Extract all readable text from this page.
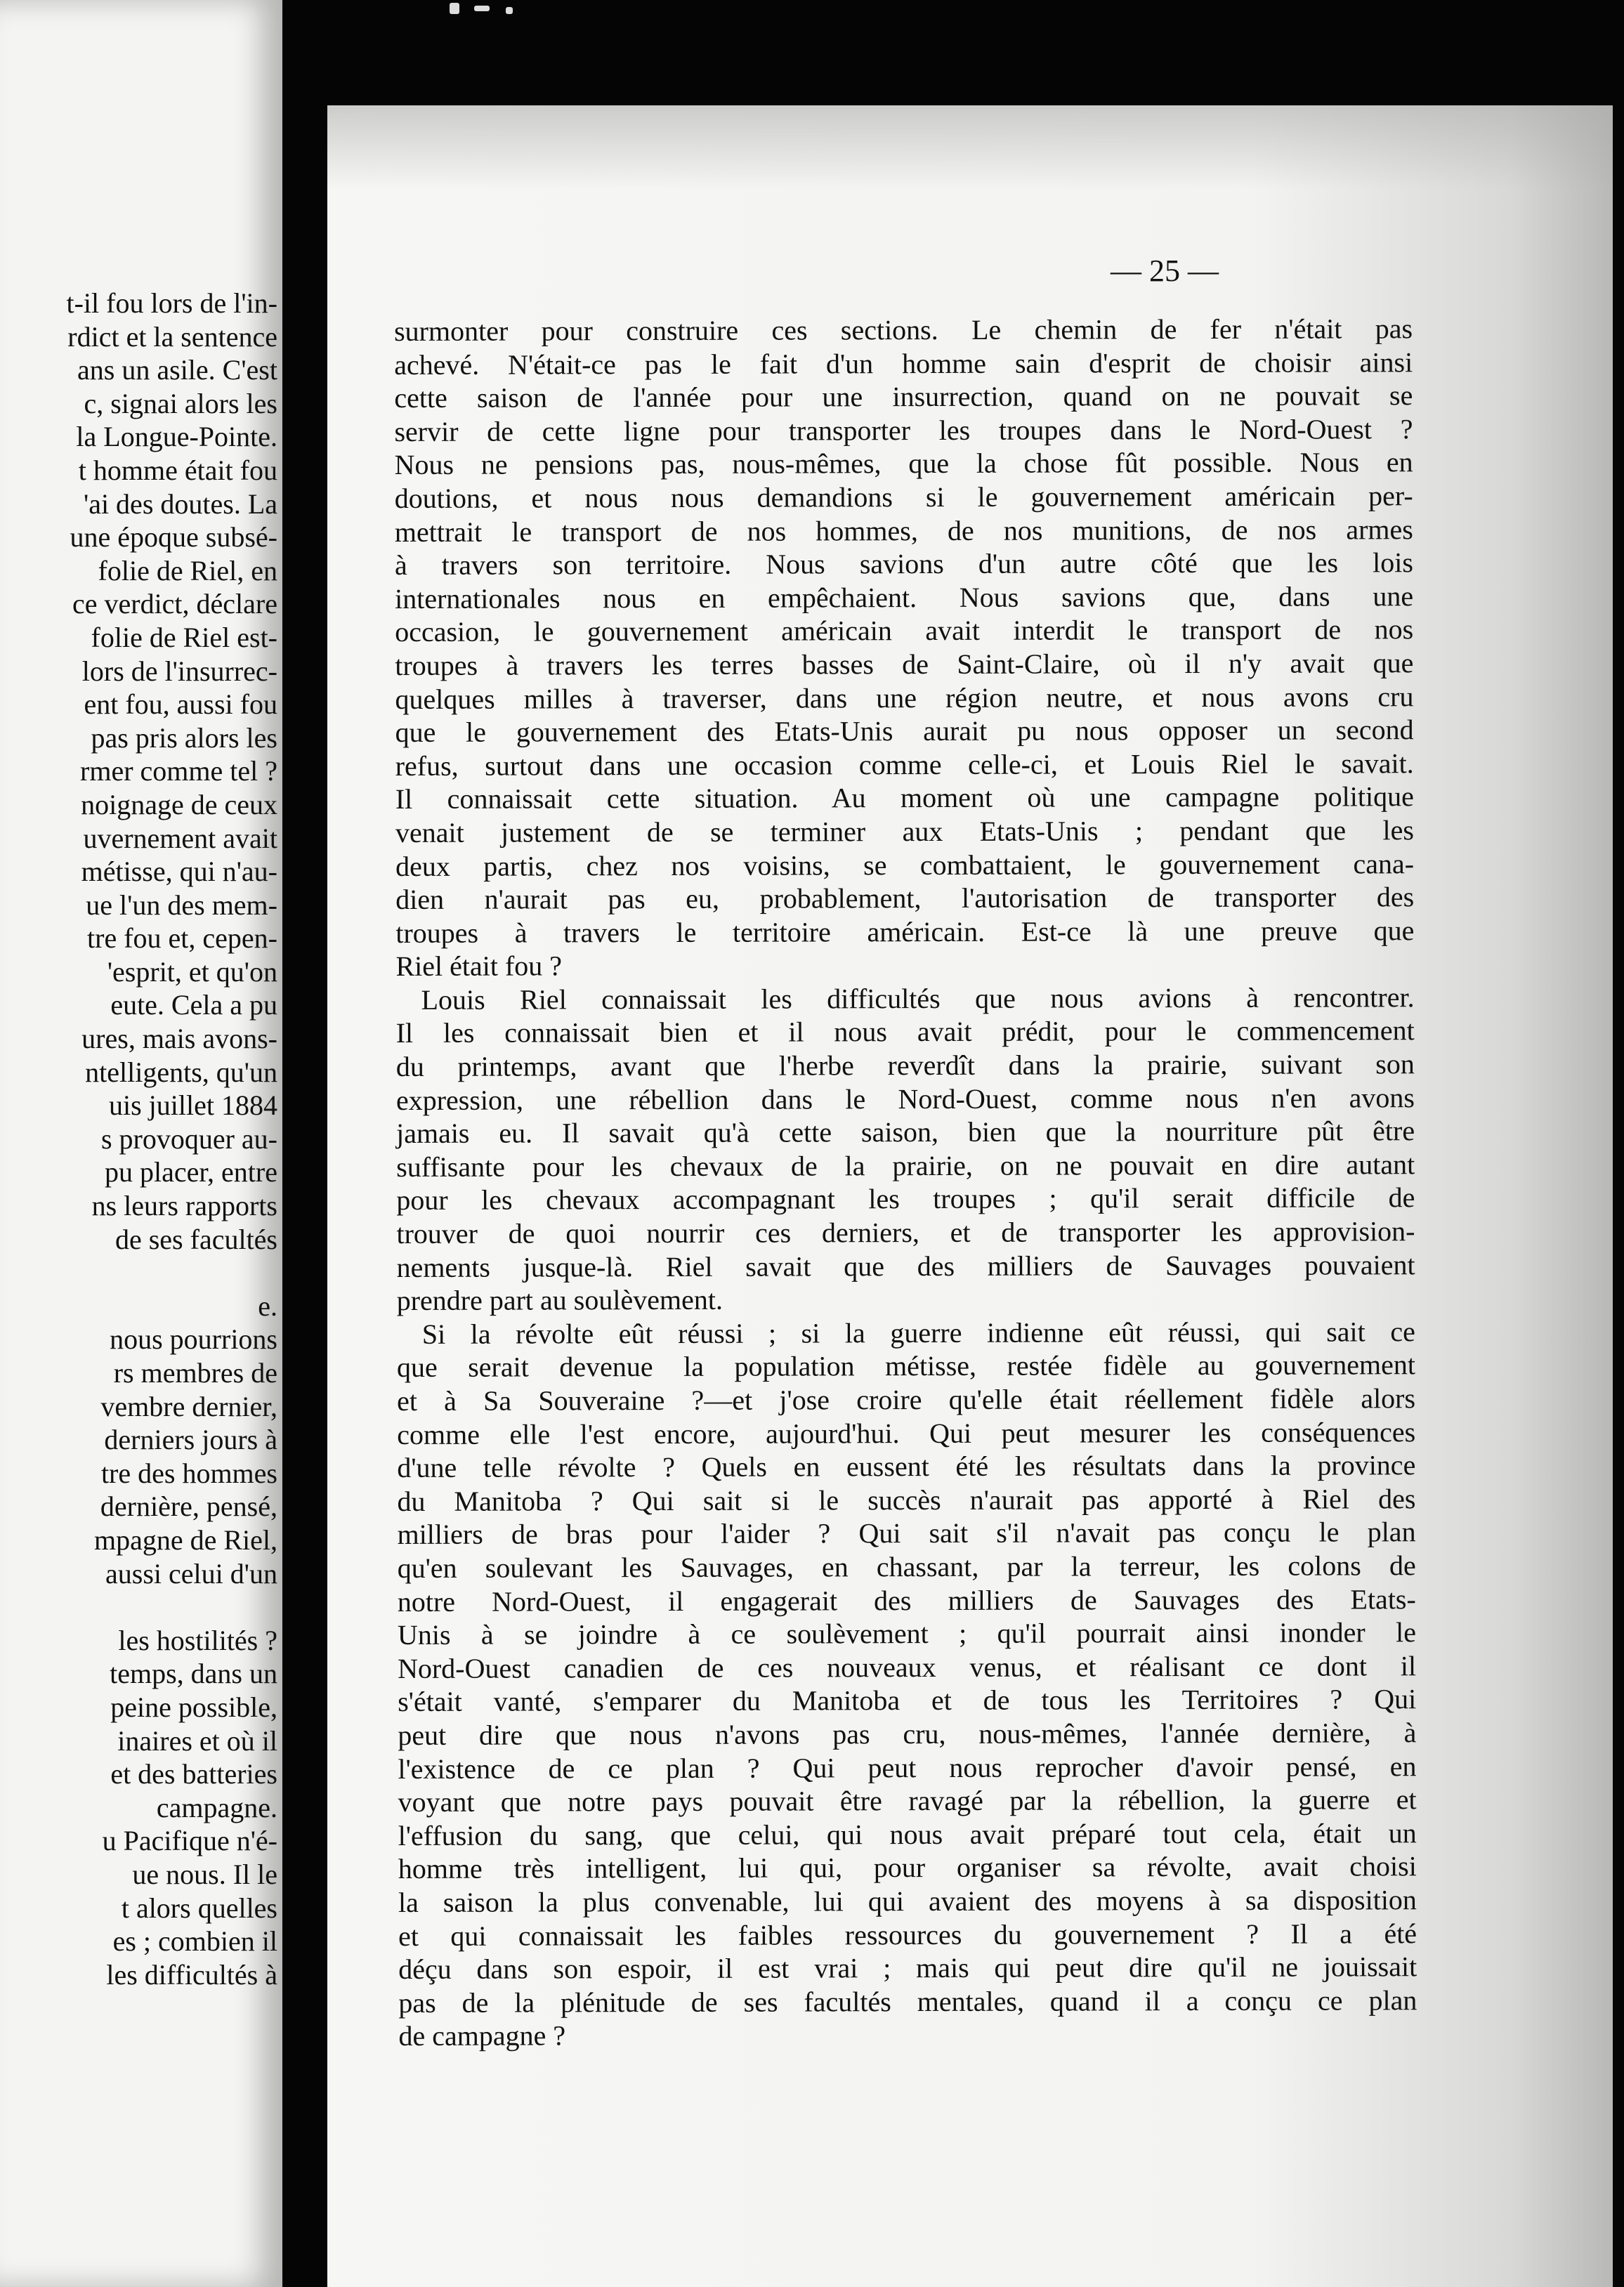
t-il fou lors de l'in-
rdict et la sentence
ans un asile. C'est
c, signai alors les
la Longue-Pointe.
t homme était fou
'ai des doutes. La
une époque subsé-
folie de Riel, en
ce verdict, déclare
folie de Riel est-
lors de l'insurrec-
ent fou, aussi fou
pas pris alors les
rmer comme tel ?
noignage de ceux
uvernement avait
métisse, qui n'au-
ue l'un des mem-
tre fou et, cepen-
'esprit, et qu'on
eute. Cela a pu
ures, mais avons-
ntelligents, qu'un
uis juillet 1884
s provoquer au-
pu placer, entre
ns leurs rapports
de ses facultés
e.
nous pourrions
rs membres de
vembre dernier,
derniers jours à
tre des hommes
dernière, pensé,
mpagne de Riel,
aussi celui d'un
les hostilités ?
temps, dans un
peine possible,
inaires et où il
et des batteries
campagne.
u Pacifique n'é-
ue nous. Il le
t alors quelles
es ; combien il
les difficultés à
— 25 —
surmonter pour construire ces sections. Le chemin de fer n'était pas
achevé. N'était-ce pas le fait d'un homme sain d'esprit de choisir ainsi
cette saison de l'année pour une insurrection, quand on ne pouvait se
servir de cette ligne pour transporter les troupes dans le Nord-Ouest ?
Nous ne pensions pas, nous-mêmes, que la chose fût possible. Nous en
doutions, et nous nous demandions si le gouvernement américain per-
mettrait le transport de nos hommes, de nos munitions, de nos armes
à travers son territoire. Nous savions d'un autre côté que les lois
internationales nous en empêchaient. Nous savions que, dans une
occasion, le gouvernement américain avait interdit le transport de nos
troupes à travers les terres basses de Saint-Claire, où il n'y avait que
quelques milles à traverser, dans une région neutre, et nous avons cru
que le gouvernement des Etats-Unis aurait pu nous opposer un second
refus, surtout dans une occasion comme celle-ci, et Louis Riel le savait.
Il connaissait cette situation. Au moment où une campagne politique
venait justement de se terminer aux Etats-Unis ; pendant que les
deux partis, chez nos voisins, se combattaient, le gouvernement cana-
dien n'aurait pas eu, probablement, l'autorisation de transporter des
troupes à travers le territoire américain. Est-ce là une preuve que
Riel était fou ?
Louis Riel connaissait les difficultés que nous avions à rencontrer.
Il les connaissait bien et il nous avait prédit, pour le commencement
du printemps, avant que l'herbe reverdît dans la prairie, suivant son
expression, une rébellion dans le Nord-Ouest, comme nous n'en avons
jamais eu. Il savait qu'à cette saison, bien que la nourriture pût être
suffisante pour les chevaux de la prairie, on ne pouvait en dire autant
pour les chevaux accompagnant les troupes ; qu'il serait difficile de
trouver de quoi nourrir ces derniers, et de transporter les approvision-
nements jusque-là. Riel savait que des milliers de Sauvages pouvaient
prendre part au soulèvement.
Si la révolte eût réussi ; si la guerre indienne eût réussi, qui sait ce
que serait devenue la population métisse, restée fidèle au gouvernement
et à Sa Souveraine ?—et j'ose croire qu'elle était réellement fidèle alors
comme elle l'est encore, aujourd'hui. Qui peut mesurer les conséquences
d'une telle révolte ? Quels en eussent été les résultats dans la province
du Manitoba ? Qui sait si le succès n'aurait pas apporté à Riel des
milliers de bras pour l'aider ? Qui sait s'il n'avait pas conçu le plan
qu'en soulevant les Sauvages, en chassant, par la terreur, les colons de
notre Nord-Ouest, il engagerait des milliers de Sauvages des Etats-
Unis à se joindre à ce soulèvement ; qu'il pourrait ainsi inonder le
Nord-Ouest canadien de ces nouveaux venus, et réalisant ce dont il
s'était vanté, s'emparer du Manitoba et de tous les Territoires ? Qui
peut dire que nous n'avons pas cru, nous-mêmes, l'année dernière, à
l'existence de ce plan ? Qui peut nous reprocher d'avoir pensé, en
voyant que notre pays pouvait être ravagé par la rébellion, la guerre et
l'effusion du sang, que celui, qui nous avait préparé tout cela, était un
homme très intelligent, lui qui, pour organiser sa révolte, avait choisi
la saison la plus convenable, lui qui avaient des moyens à sa disposition
et qui connaissait les faibles ressources du gouvernement ? Il a été
déçu dans son espoir, il est vrai ; mais qui peut dire qu'il ne jouissait
pas de la plénitude de ses facultés mentales, quand il a conçu ce plan
de campagne ?
